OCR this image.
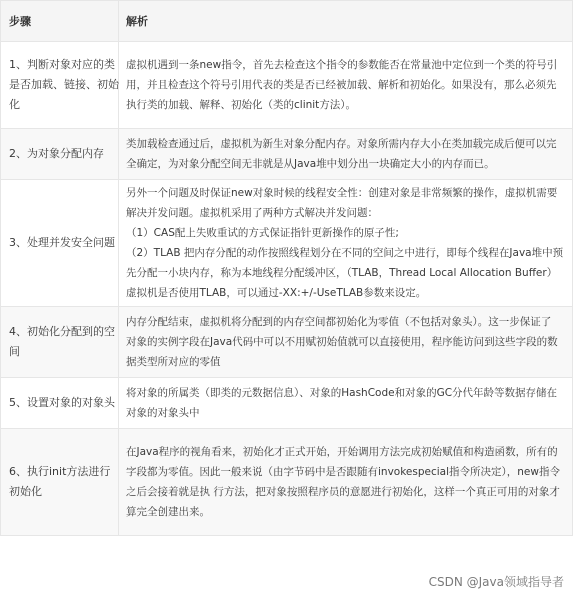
步骤	解析
1、判断对象对应的类
是否加载、链接、初始
化
虚拟机遇到一条new指令，首先去检查这个指令的参数能否在常量池中定位到一个类的符号引
用，并且检查这个符号引用代表的类是否已经被加载、解析和初始化。如果没有，那么必须先
执行类的加载、解释、初始化（类的clinit方法）。
2、为对象分配内存
类加载检查通过后，虚拟机为新生对象分配内存。对象所需内存大小在类加载完成后便可以完
全确定，为对象分配空间无非就是从Java堆中划分出一块确定大小的内存而已。
3、处理并发安全问题
另外一个问题及时保证new对象时候的线程安全性：创建对象是非常频繁的操作，虚拟机需要
解决并发问题。虚拟机采用了两种方式解决并发问题：
（1）CAS配上失败重试的方式保证指针更新操作的原子性;
（2）TLAB 把内存分配的动作按照线程划分在不同的空间之中进行，即每个线程在Java堆中预
先分配一小块内存，称为本地线程分配缓冲区，（TLAB，Thread Local Allocation Buffer）
虚拟机是否使用TLAB，可以通过-XX:+/-UseTLAB参数来设定。
4、初始化分配到的空
间
内存分配结束，虚拟机将分配到的内存空间都初始化为零值（不包括对象头）。这一步保证了
对象的实例字段在Java代码中可以不用赋初始值就可以直接使用，程序能访问到这些字段的数
据类型所对应的零值
5、设置对象的对象头
将对象的所属类（即类的元数据信息）、对象的HashCode和对象的GC分代年龄等数据存储在
对象的对象头中
6、执行init方法进行
初始化
在Java程序的视角看来，初始化才正式开始，开始调用方法完成初始赋值和构造函数，所有的
字段都为零值。因此一般来说（由字节码中是否跟随有invokespecial指令所决定），new指令
之后会接着就是执 行方法，把对象按照程序员的意愿进行初始化，这样一个真正可用的对象才
算完全创建出来。
CSDN @Java领域指导者
